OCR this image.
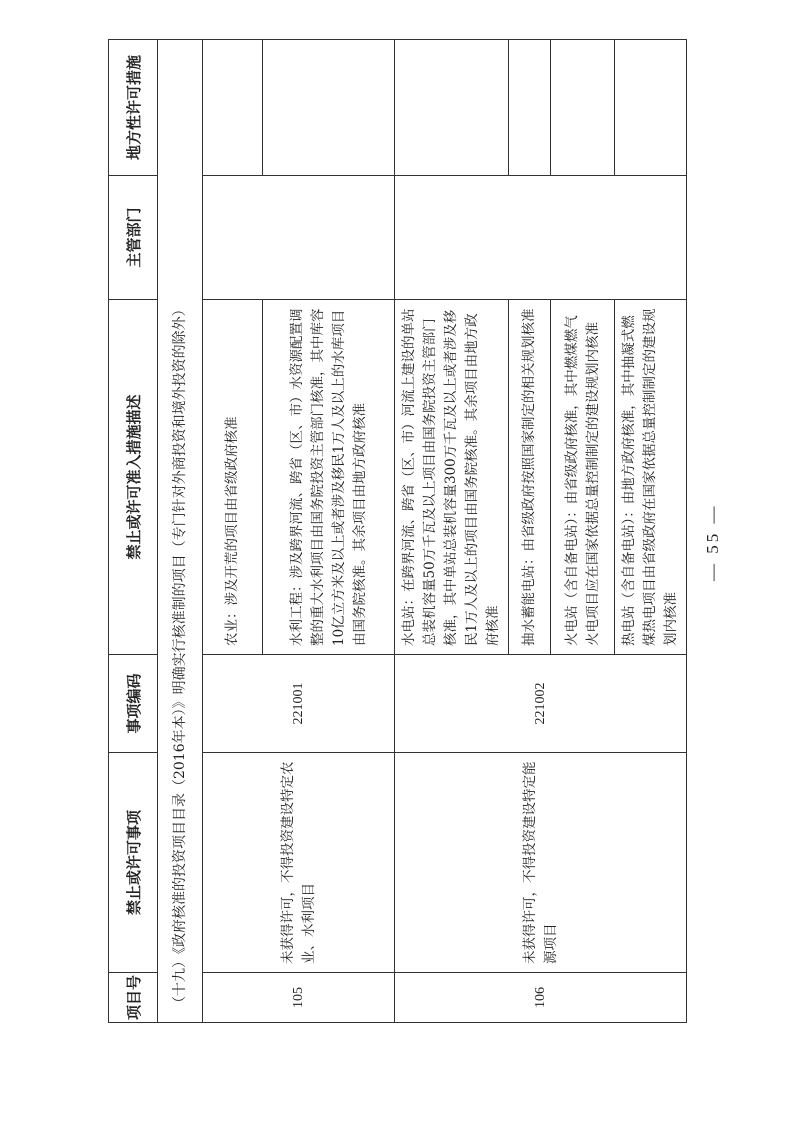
项目号	禁止或许可事项	事项编码	禁止或许可准入措施描述	主管部门	地方性许可措施
（十九）《政府核准的投资项目目录（2016年本）》明确实行核准制的项目（专门针对外商投资和境外投资的除外）					
105	未获得许可，不得投资建设特定农业、水利项目	221001	农业：涉及开荒的项目由省级政府核准		
			水利工程：涉及跨界河流、跨省（区、市）水资源配置调整的重大水利项目由国务院投资主管部门核准，其中库容10亿立方米及以上或者涉及移民1万人及以上的水库项目由国务院核准。其余项目由地方政府核准		
106	未获得许可，不得投资建设特定能源项目	221002	水电站：在跨界河流、跨省（区、市）河流上建设的单站总装机容量50万千瓦及以上项目由国务院投资主管部门核准，其中单站总装机容量300万千瓦及以上或者涉及移民1万人及以上的项目由国务院核准。其余项目由地方政府核准		
			抽水蓄能电站：由省级政府按照国家制定的相关规划核准		
			火电站（含自备电站）：由省级政府核准，其中燃煤燃气火电项目应在国家依据总量控制制定的建设规划内核准		
			热电站（含自备电站）：由地方政府核准，其中抽凝式燃煤热电项目由省级政府在国家依据总量控制制定的建设规划内核准		
— 55 —
